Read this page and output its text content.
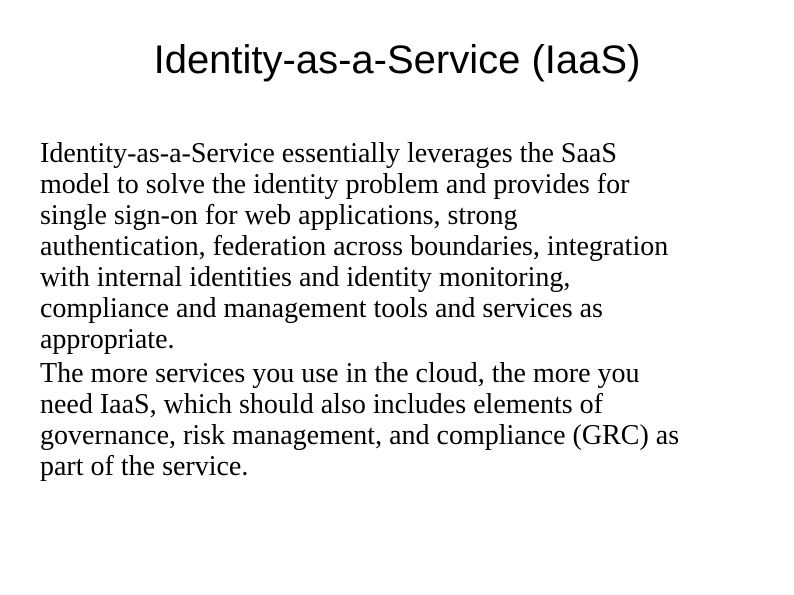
Identity-as-a-Service (IaaS)
Identity-as-a-Service essentially leverages the SaaS
model to solve the identity problem and provides for
single sign-on for web applications, strong
authentication, federation across boundaries, integration
with internal identities and identity monitoring,
compliance and management tools and services as
appropriate.
The more services you use in the cloud, the more you
need IaaS, which should also includes elements of
governance, risk management, and compliance (GRC) as
part of the service.
